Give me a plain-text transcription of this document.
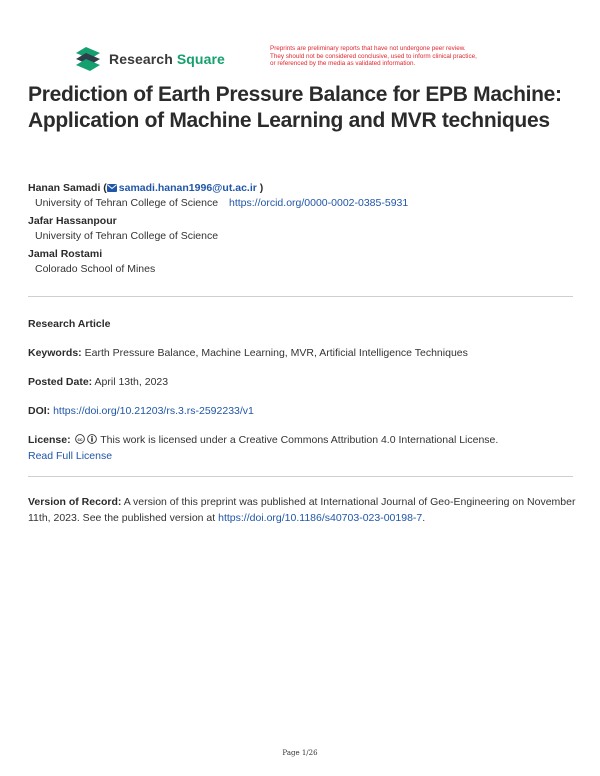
Research Square
Preprints are preliminary reports that have not undergone peer review.
They should not be considered conclusive, used to inform clinical practice,
or referenced by the media as validated information.
Prediction of Earth Pressure Balance for EPB Machine: Application of Machine Learning and MVR techniques
Hanan Samadi ( samadi.hanan1996@ut.ac.ir )
University of Tehran College of Science https://orcid.org/0000-0002-0385-5931
Jafar Hassanpour
University of Tehran College of Science
Jamal Rostami
Colorado School of Mines
Research Article
Keywords: Earth Pressure Balance, Machine Learning, MVR, Artificial Intelligence Techniques
Posted Date: April 13th, 2023
DOI: https://doi.org/10.21203/rs.3.rs-2592233/v1
License: cc This work is licensed under a Creative Commons Attribution 4.0 International License.
Read Full License
Version of Record: A version of this preprint was published at International Journal of Geo-Engineering on November 11th, 2023. See the published version at https://doi.org/10.1186/s40703-023-00198-7.
Page 1/26
